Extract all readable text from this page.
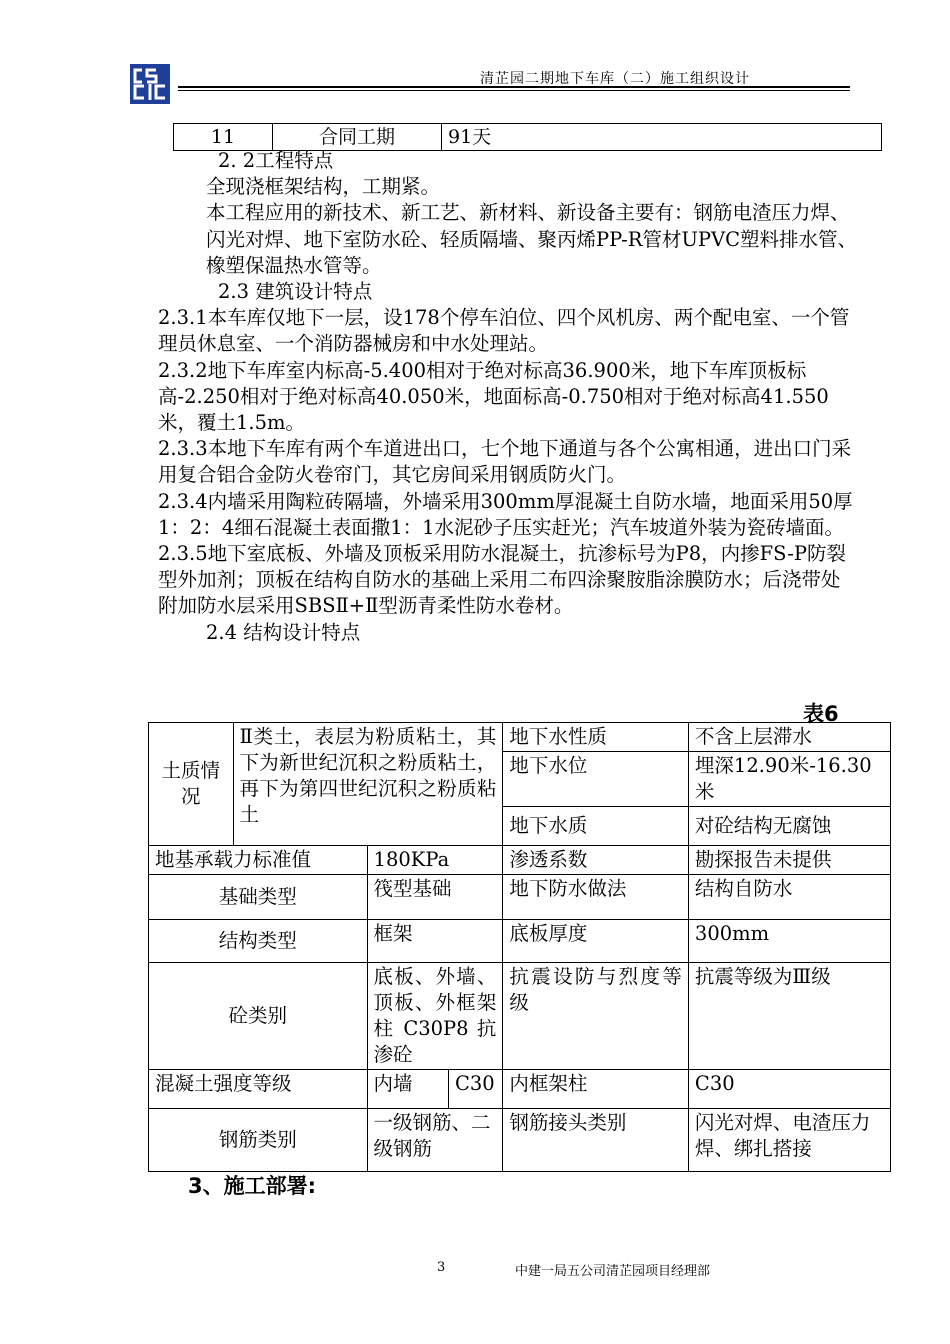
清芷园二期地下车库（二）施工组织设计
11	合同工期	91天

2. 2工程特点

全现浇框架结构，工期紧。

本工程应用的新技术、新工艺、新材料、新设备主要有：钢筋电渣压力焊、闪光对焊、地下室防水砼、轻质隔墙、聚丙烯PP-R管材UPVC塑料排水管、橡塑保温热水管等。

2.3 建筑设计特点

2.3.1本车库仅地下一层，设178个停车泊位、四个风机房、两个配电室、一个管理员休息室、一个消防器械房和中水处理站。

2.3.2地下车库室内标高-5.400相对于绝对标高36.900米，地下车库顶板标高-2.250相对于绝对标高40.050米，地面标高-0.750相对于绝对标高41.550米，覆土1.5m。

2.3.3本地下车库有两个车道进出口，七个地下通道与各个公寓相通，进出口门采用复合铝合金防火卷帘门，其它房间采用钢质防火门。

2.3.4内墙采用陶粒砖隔墙，外墙采用300mm厚混凝土自防水墙，地面采用50厚1：2：4细石混凝土表面撒1：1水泥砂子压实赶光；汽车坡道外装为瓷砖墙面。

2.3.5地下室底板、外墙及顶板采用防水混凝土，抗渗标号为P8，内掺FS-P防裂型外加剂；顶板在结构自防水的基础上采用二布四涂聚胺脂涂膜防水；后浇带处附加防水层采用SBSⅡ+Ⅱ型沥青柔性防水卷材。

2.4 结构设计特点

表6
土质情况	Ⅱ类土，表层为粉质粘土，其下为新世纪沉积之粉质粘土，再下为第四世纪沉积之粉质粘土			地下水性质	不含上层滞水
				地下水位	埋深12.90米-16.30米
				地下水质	对砼结构无腐蚀
地基承载力标准值		180KPa		渗透系数	勘探报告未提供
基础类型		筏型基础		地下防水做法	结构自防水
结构类型		框架		底板厚度	300mm
砼类别		底板、外墙、顶板、外框架柱 C30P8 抗渗砼		抗震设防与烈度等级	抗震等级为Ⅲ级
混凝土强度等级		内墙	C30	内框架柱	C30
钢筋类别		一级钢筋、二级钢筋		钢筋接头类别	闪光对焊、电渣压力焊、绑扎搭接
3、施工部署:
3	中建一局五公司清芷园项目经理部
